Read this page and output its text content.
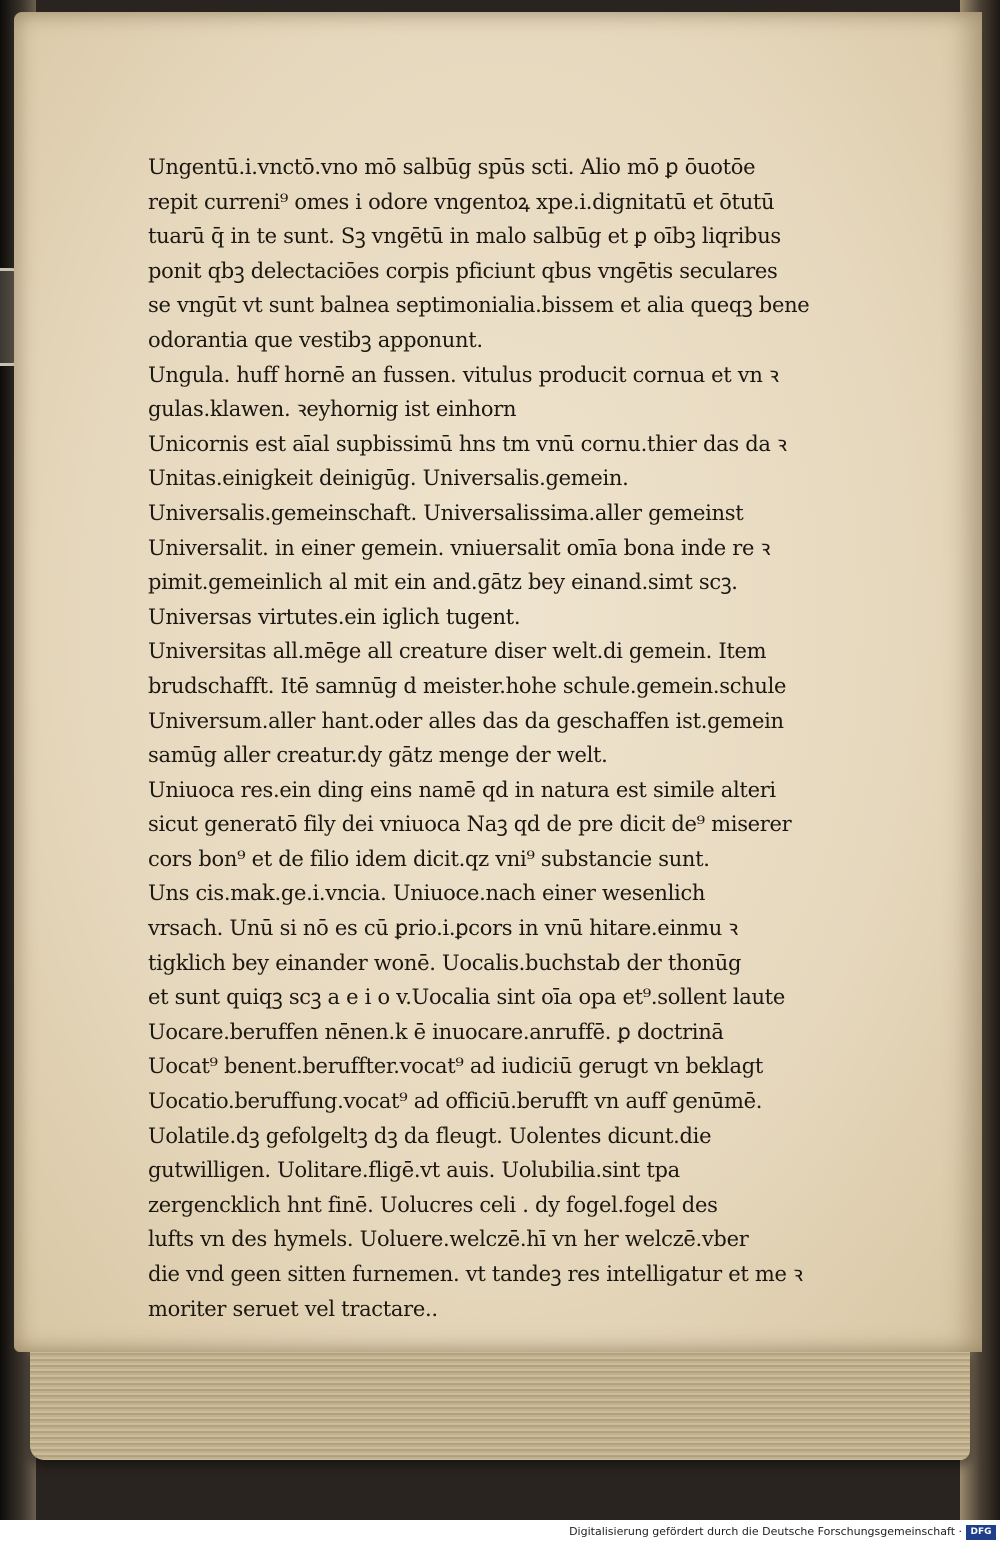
Ungentū.i.vnctō.vno mō salbūg spūs scti. Alio mō ꝑ ōuotōe
repit curreni⁹ omes i odore vngentoꝝ xpe.i.dignitatū et ōtutū
tuarū q̄ in te sunt. Sꝫ vngētū in malo salbūg et ꝑ oībꝫ liqribus
ponit qbꝫ delectaciōes corpis pficiunt qbus vngētis seculares
se vngūt vt sunt balnea septimonialia.bissem et alia queqꝫ bene
odorantia que vestibꝫ apponunt.
Ungula. huff hornē an fussen. vitulus producit cornua et vn ꝛ
gulas.klawen. ꝛeyhornig ist einhorn
Unicornis est aīal supbissimū hns tm vnū cornu.thier das da ꝛ
Unitas.einigkeit deinigūg. Universalis.gemein.
Universalis.gemeinschaft. Universalissima.aller gemeinst
Universalit. in einer gemein. vniuersalit omīa bona inde re ꝛ
pimit.gemeinlich al mit ein and.gātz bey einand.simt scꝫ.
Universas virtutes.ein iglich tugent.
Universitas all.mēge all creature diser welt.di gemein. Item
brudschafft. Itē samnūg d meister.hohe schule.gemein.schule
Universum.aller hant.oder alles das da geschaffen ist.gemein
samūg aller creatur.dy gātz menge der welt.
Uniuoca res.ein ding eins namē qd in natura est simile alteri
sicut generatō fily dei vniuoca Naꝫ qd de pre dicit de⁹ miserer
cors bon⁹ et de filio idem dicit.qz vni⁹ substancie sunt.
Uns cis.mak.ge.i.vncia. Uniuoce.nach einer wesenlich
vrsach. Unū si nō es cū ꝑrio.i.ꝑcors in vnū hitare.einmu ꝛ
tigklich bey einander wonē. Uocalis.buchstab der thonūg
et sunt quiqꝫ scꝫ a e i o v.Uocalia sint oīa opa et⁹.sollent laute
Uocare.beruffen nēnen.k ē inuocare.anruffē. ꝑ doctrinā
Uocat⁹ benent.beruffter.vocat⁹ ad iudiciū gerugt vn beklagt
Uocatio.beruffung.vocat⁹ ad officiū.berufft vn auff genūmē.
Uolatile.dꝫ gefolgeltꝫ dꝫ da fleugt. Uolentes dicunt.die
gutwilligen. Uolitare.fligē.vt auis. Uolubilia.sint tpa
zergencklich hnt finē. Uolucres celi . dy fogel.fogel des
lufts vn des hymels. Uoluere.welczē.hī vn her welczē.vber
die vnd geen sitten furnemen. vt tandeꝫ res intelligatur et me ꝛ
moriter seruet vel tractare..
Digitalisierung gefördert durch die Deutsche Forschungsgemeinschaft · DFG
